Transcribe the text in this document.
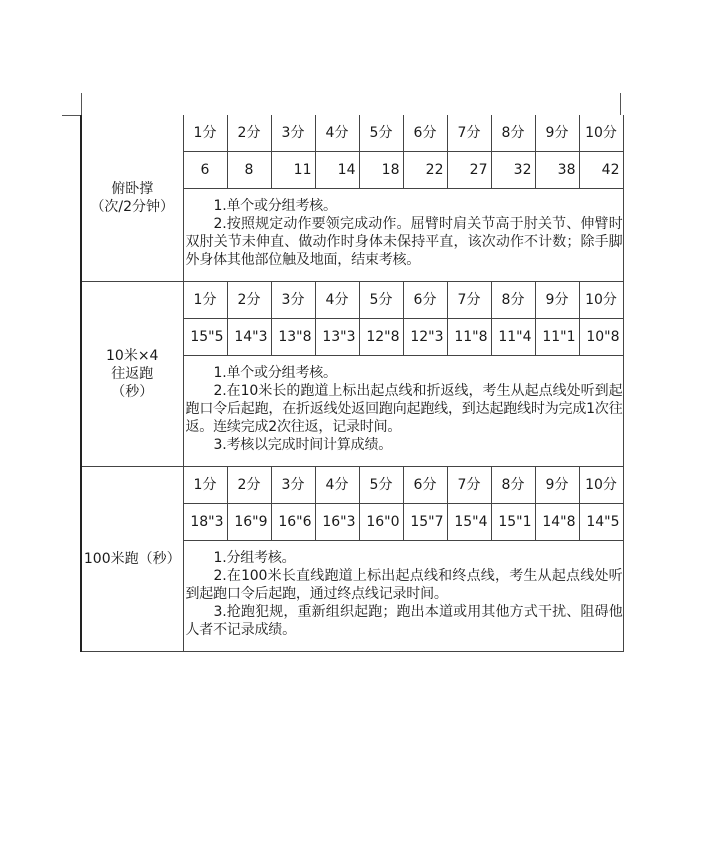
俯卧撑
（次/2分钟）	1分	2分	3分	4分	5分	6分	7分	8分	9分	10分
	6	8	11	14	18	22	27	32	38	42

	1.单个或分组考核。
2.按照规定动作要领完成动作。屈臂时肩关节高于肘关节、伸臂时双肘关节未伸直、做动作时身体未保持平直，该次动作不计数；除手脚外身体其他部位触及地面，结束考核。									

10米×4
往返跑
（秒）	1分	2分	3分	4分	5分	6分	7分	8分	9分	10分
	15"5	14"3	13"8	13"3	12"8	12"3	11"8	11"4	11"1	10"8

	1.单个或分组考核。
2.在10米长的跑道上标出起点线和折返线，考生从起点线处听到起跑口令后起跑，在折返线处返回跑向起跑线，到达起跑线时为完成1次往返。连续完成2次往返，记录时间。
3.考核以完成时间计算成绩。									

100米跑（秒）	1分	2分	3分	4分	5分	6分	7分	8分	9分	10分
	18"3	16"9	16"6	16"3	16"0	15"7	15"4	15"1	14"8	14"5

	1.分组考核。
2.在100米长直线跑道上标出起点线和终点线，考生从起点线处听到起跑口令后起跑，通过终点线记录时间。
3.抢跑犯规，重新组织起跑；跑出本道或用其他方式干扰、阻碍他人者不记录成绩。									
